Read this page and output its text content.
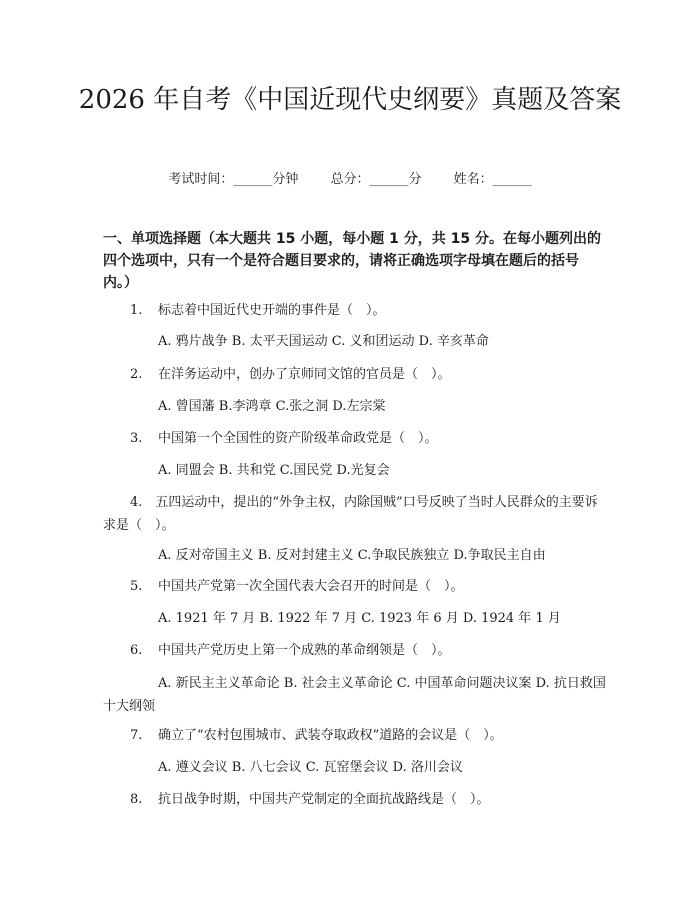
2026 年自考《中国近现代史纲要》真题及答案
考试时间：______分钟 总分：______分 姓名：______
一、单项选择题（本大题共 15 小题，每小题 1 分，共 15 分。在每小题列出的四个选项中，只有一个是符合题目要求的，请将正确选项字母填在题后的括号内。）
1.	标志着中国近代史开端的事件是（　）。
A. 鸦片战争 B. 太平天国运动 C. 义和团运动 D. 辛亥革命
2.	在洋务运动中，创办了京师同文馆的官员是（　）。
A. 曾国藩 B.李鸿章 C.张之洞 D.左宗棠
3.	中国第一个全国性的资产阶级革命政党是（　）。
A. 同盟会 B. 共和党 C.国民党 D.光复会
4.　五四运动中，提出的“外争主权，内除国贼”口号反映了当时人民群众的主要诉求是（　）。
A. 反对帝国主义 B. 反对封建主义 C.争取民族独立 D.争取民主自由
5.	中国共产党第一次全国代表大会召开的时间是（　）。
A. 1921 年 7 月 B. 1922 年 7 月 C. 1923 年 6 月 D. 1924 年 1 月
6.	中国共产党历史上第一个成熟的革命纲领是（　）。
A. 新民主主义革命论 B. 社会主义革命论 C. 中国革命问题决议案 D. 抗日救国十大纲领
7.	确立了“农村包围城市、武装夺取政权”道路的会议是（　）。
A. 遵义会议 B. 八七会议 C. 瓦窑堡会议 D. 洛川会议
8.	抗日战争时期，中国共产党制定的全面抗战路线是（　）。
